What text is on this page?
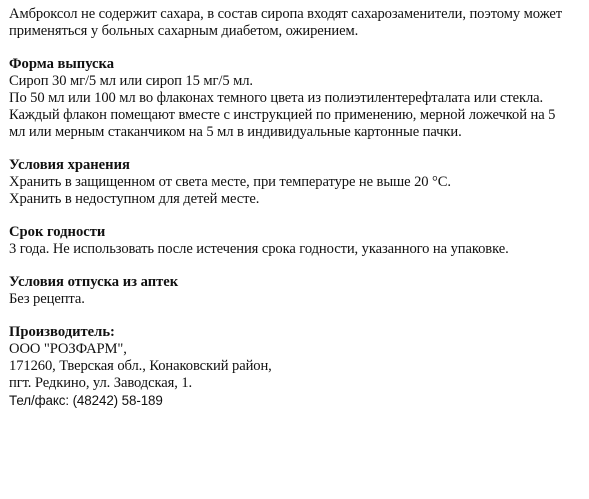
Амброксол не содержит сахара, в состав сиропа входят сахарозаменители, поэтому может
применяться у больных сахарным диабетом, ожирением.
Форма выпуска
Сироп 30 мг/5 мл или сироп 15 мг/5 мл.
По 50 мл или 100 мл во флаконах темного цвета из полиэтилентерефталата или стекла.
Каждый флакон помещают вместе с инструкцией по применению, мерной ложечкой на 5
мл или мерным стаканчиком на 5 мл в индивидуальные картонные пачки.
Условия хранения
Хранить в защищенном от света месте, при температуре не выше 20 °С.
Хранить в недоступном для детей месте.
Срок годности
3 года. Не использовать после истечения срока годности, указанного на упаковке.
Условия отпуска из аптек
Без рецепта.
Производитель:
ООО "РОЗФАРМ",
171260, Тверская обл., Конаковский район,
пгт. Редкино, ул. Заводская, 1.
Тел/факс: (48242) 58-189
